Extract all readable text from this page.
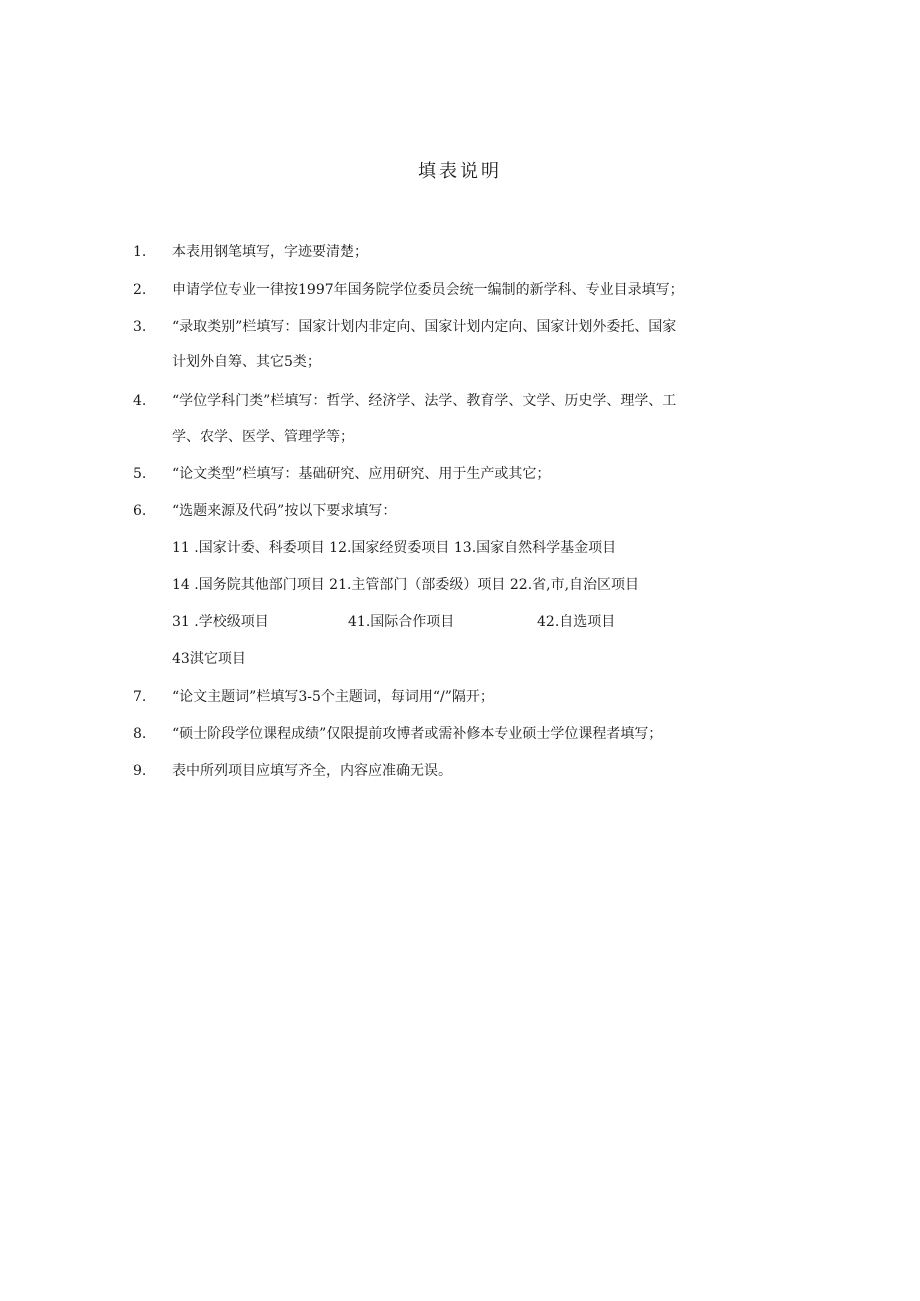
填表说明
1. 本表用钢笔填写，字迹要清楚；
2. 申请学位专业一律按1997年国务院学位委员会统一编制的新学科、专业目录填写；
3. “录取类别”栏填写：国家计划内非定向、国家计划内定向、国家计划外委托、国家
计划外自筹、其它5类；
4. “学位学科门类”栏填写：哲学、经济学、法学、教育学、文学、历史学、理学、工
学、农学、医学、管理学等；
5. “论文类型”栏填写：基础研究、应用研究、用于生产或其它；
6. “选题来源及代码”按以下要求填写：
11 .国家计委、科委项目 12.国家经贸委项目 13.国家自然科学基金项目
14 .国务院其他部门项目 21.主管部门（部委级）项目 22.省,市,自治区项目
31 .学校级项目	41.国际合作项目	42.自选项目
43淇它项目
7. “论文主题词”栏填写3-5个主题词，每词用“/”隔开；
8. “硕士阶段学位课程成绩”仅限提前攻博者或需补修本专业硕士学位课程者填写；
9. 表中所列项目应填写齐全，内容应准确无误。
